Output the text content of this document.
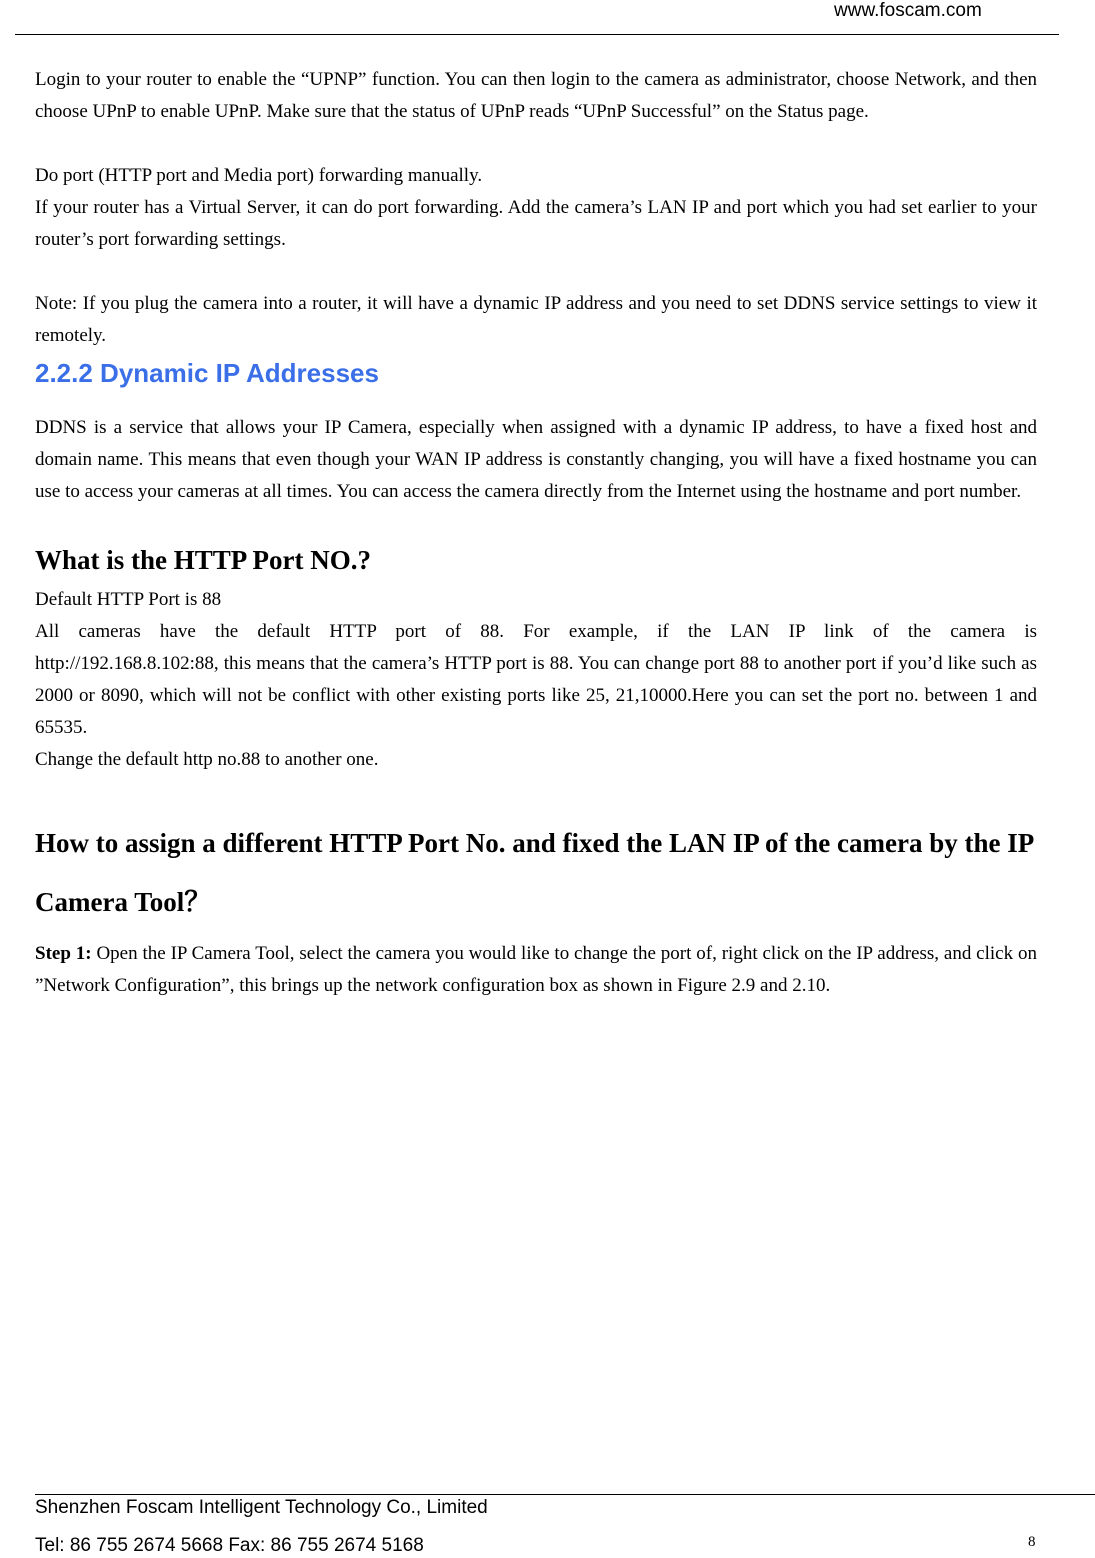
www.foscam.com

Login to your router to enable the “UPNP” function. You can then login to the camera as administrator, choose Network, and then choose UPnP to enable UPnP. Make sure that the status of UPnP reads “UPnP Successful” on the Status page.

Do port (HTTP port and Media port) forwarding manually.

If your router has a Virtual Server, it can do port forwarding. Add the camera’s LAN IP and port which you had set earlier to your router’s port forwarding settings.

Note: If you plug the camera into a router, it will have a dynamic IP address and you need to set DDNS service settings to view it remotely.

2.2.2 Dynamic IP Addresses

DDNS is a service that allows your IP Camera, especially when assigned with a dynamic IP address, to have a fixed host and domain name. This means that even though your WAN IP address is constantly changing, you will have a fixed hostname you can use to access your cameras at all times. You can access the camera directly from the Internet using the hostname and port number.

What is the HTTP Port NO.?

Default HTTP Port is 88

All cameras have the default HTTP port of 88. For example, if the LAN IP link of the camera is

http://192.168.8.102:88, this means that the camera’s HTTP port is 88. You can change port 88 to another port if you’d like such as 2000 or 8090, which will not be conflict with other existing ports like 25, 21,10000.Here you can set the port no. between 1 and 65535.

Change the default http no.88 to another one.

How to assign a different HTTP Port No. and fixed the LAN IP of the camera by the IP Camera Tool？

Step 1: Open the IP Camera Tool, select the camera you would like to change the port of, right click on the IP address, and click on ”Network Configuration”, this brings up the network configuration box as shown in Figure 2.9 and 2.10.

Shenzhen Foscam Intelligent Technology Co., Limited
Tel: 86 755 2674 5668 Fax: 86 755 2674 5168	8
